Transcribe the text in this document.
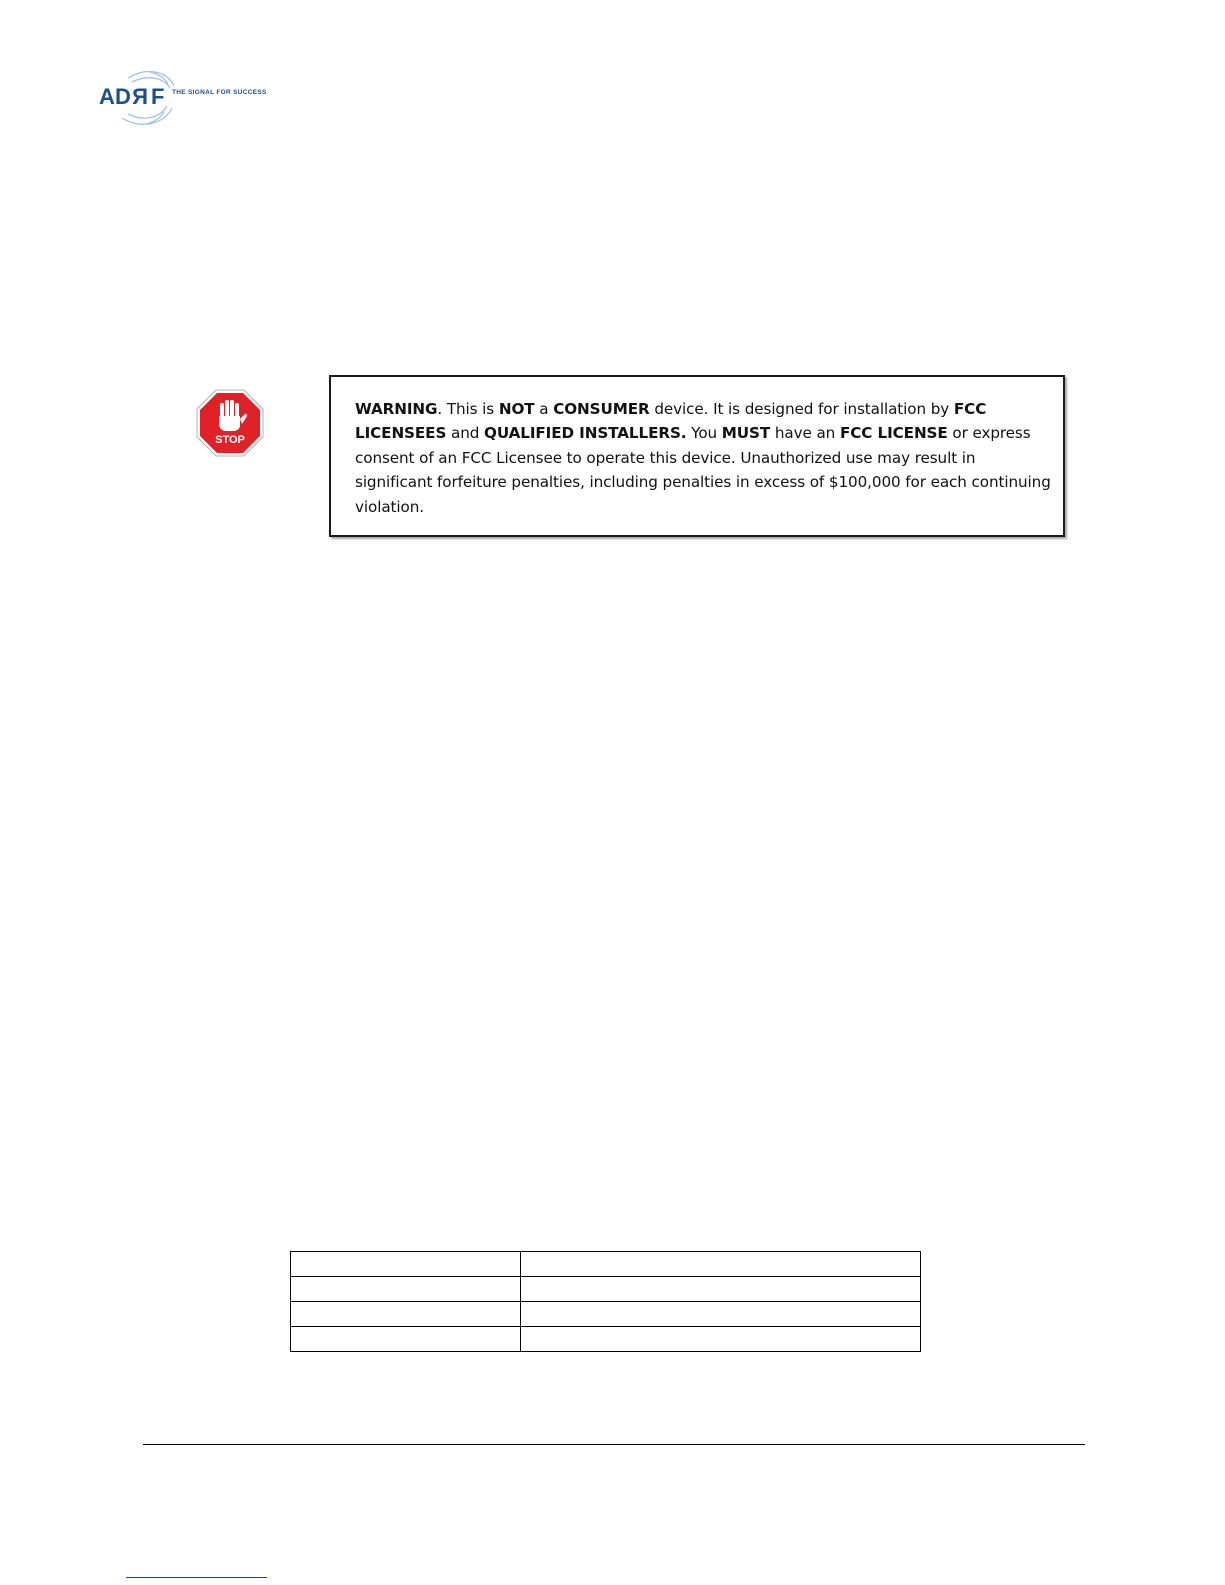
A D R F THE SIGNAL FOR SUCCESS
STOP
WARNING. This is NOT a CONSUMER device. It is designed for installation by FCC LICENSEES and QUALIFIED INSTALLERS. You MUST have an FCC LICENSE or express consent of an FCC Licensee to operate this device. Unauthorized use may result in significant forfeiture penalties, including penalties in excess of $100,000 for each continuing violation.
